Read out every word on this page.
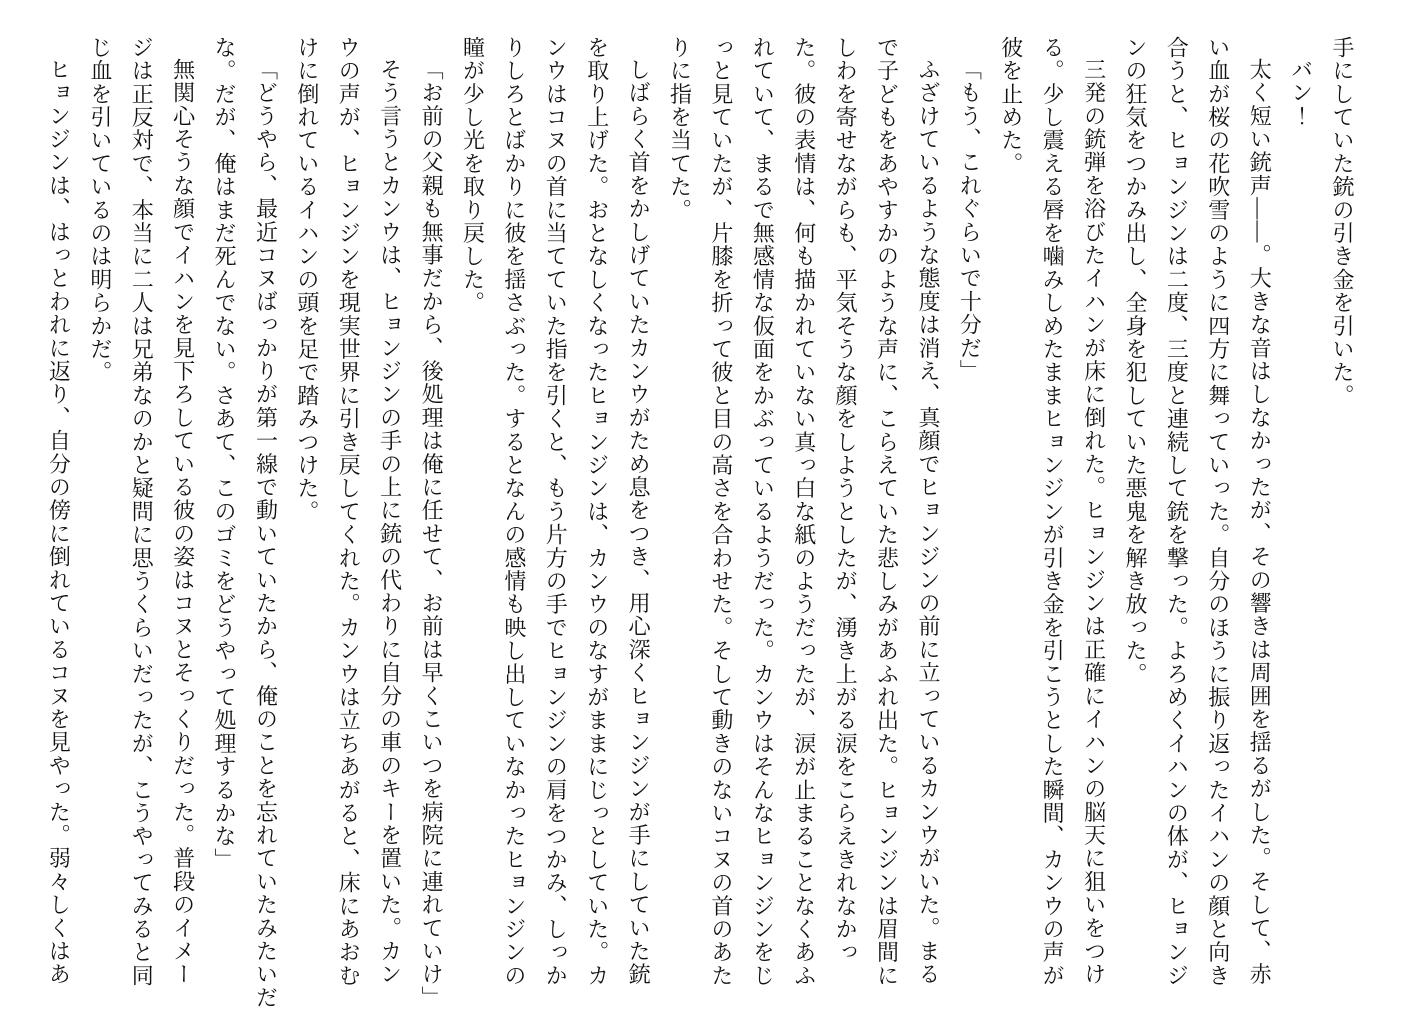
手にしていた銃の引き金を引いた。

バン！

太く短い銃声――。大きな音はしなかったが、その響きは周囲を揺るがした。そして、赤

い血が桜の花吹雪のように四方に舞っていった。自分のほうに振り返ったイハンの顔と向き

合うと、ヒョンジンは二度、三度と連続して銃を撃った。よろめくイハンの体が、ヒョンジ

ンの狂気をつかみ出し、全身を犯していた悪鬼を解き放った。

三発の銃弾を浴びたイハンが床に倒れた。ヒョンジンは正確にイハンの脳天に狙いをつけ

る。少し震える唇を噛みしめたままヒョンジンが引き金を引こうとした瞬間、カンウの声が

彼を止めた。

「もう、これぐらいで十分だ」

ふざけているような態度は消え、真顔でヒョンジンの前に立っているカンウがいた。まる

で子どもをあやすかのような声に、こらえていた悲しみがあふれ出た。ヒョンジンは眉間に

しわを寄せながらも、平気そうな顔をしようとしたが、湧き上がる涙をこらえきれなかっ

た。彼の表情は、何も描かれていない真っ白な紙のようだったが、涙が止まることなくあふ

れていて、まるで無感情な仮面をかぶっているようだった。カンウはそんなヒョンジンをじ

っと見ていたが、片膝を折って彼と目の高さを合わせた。そして動きのないコヌの首のあた

りに指を当てた。

しばらく首をかしげていたカンウがため息をつき、用心深くヒョンジンが手にしていた銃

を取り上げた。おとなしくなったヒョンジンは、カンウのなすがままにじっとしていた。カ

ンウはコヌの首に当てていた指を引くと、もう片方の手でヒョンジンの肩をつかみ、しっか

りしろとばかりに彼を揺さぶった。するとなんの感情も映し出していなかったヒョンジンの

瞳が少し光を取り戻した。

「お前の父親も無事だから、後処理は俺に任せて、お前は早くこいつを病院に連れていけ」

そう言うとカンウは、ヒョンジンの手の上に銃の代わりに自分の車のキーを置いた。カン

ウの声が、ヒョンジンを現実世界に引き戻してくれた。カンウは立ちあがると、床にあおむ

けに倒れているイハンの頭を足で踏みつけた。

「どうやら、最近コヌばっかりが第一線で動いていたから、俺のことを忘れていたみたいだ

な。だが、俺はまだ死んでない。さあて、このゴミをどうやって処理するかな」

無関心そうな顔でイハンを見下ろしている彼の姿はコヌとそっくりだった。普段のイメー

ジは正反対で、本当に二人は兄弟なのかと疑問に思うくらいだったが、こうやってみると同

じ血を引いているのは明らかだ。

ヒョンジンは、はっとわれに返り、自分の傍に倒れているコヌを見やった。弱々しくはあ
